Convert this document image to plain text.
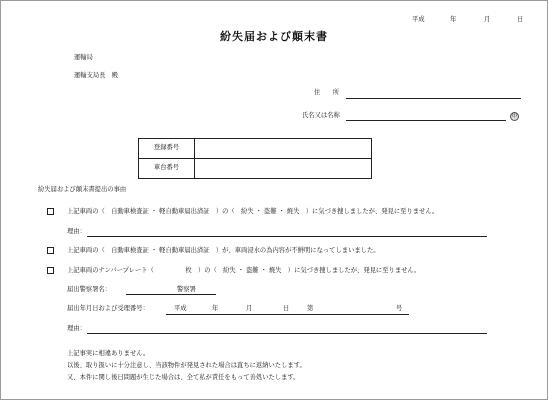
平成	年	月	日
紛失届および顛末書
運輸局
運輸支局長　殿
住　　所
氏名又は名称	印
登録番号	
車台番号	
紛失届および顛末書提出の事由
上記車両の（　自動車検査証 ・ 軽自動車届出済証　）の（　紛失 ・ 盗難 ・ 焼失　）に気づき捜しましたが、発見に至りません。
理由：
上記車両の（　自動車検査証 ・ 軽自動車届出済証　）が、車両浸水の為内容が不鮮明になってしまいました。
上記車両のナンバープレート（　　　　　枚　）の（　紛失 ・ 盗難 ・ 焼失　）に気づき捜しましたが、発見に至りません。
届出警察署名：	警察署
届出年月日および受理番号：	平成	年	月	日	第	号
理由：
上記事実に相違ありません。
以後、取り扱いに十分注意し、当該物件が発見された場合は直ちに返納いたします。
又、本件に関し後日問題が生じた場合は、全て私が責任をもって善処いたします。
